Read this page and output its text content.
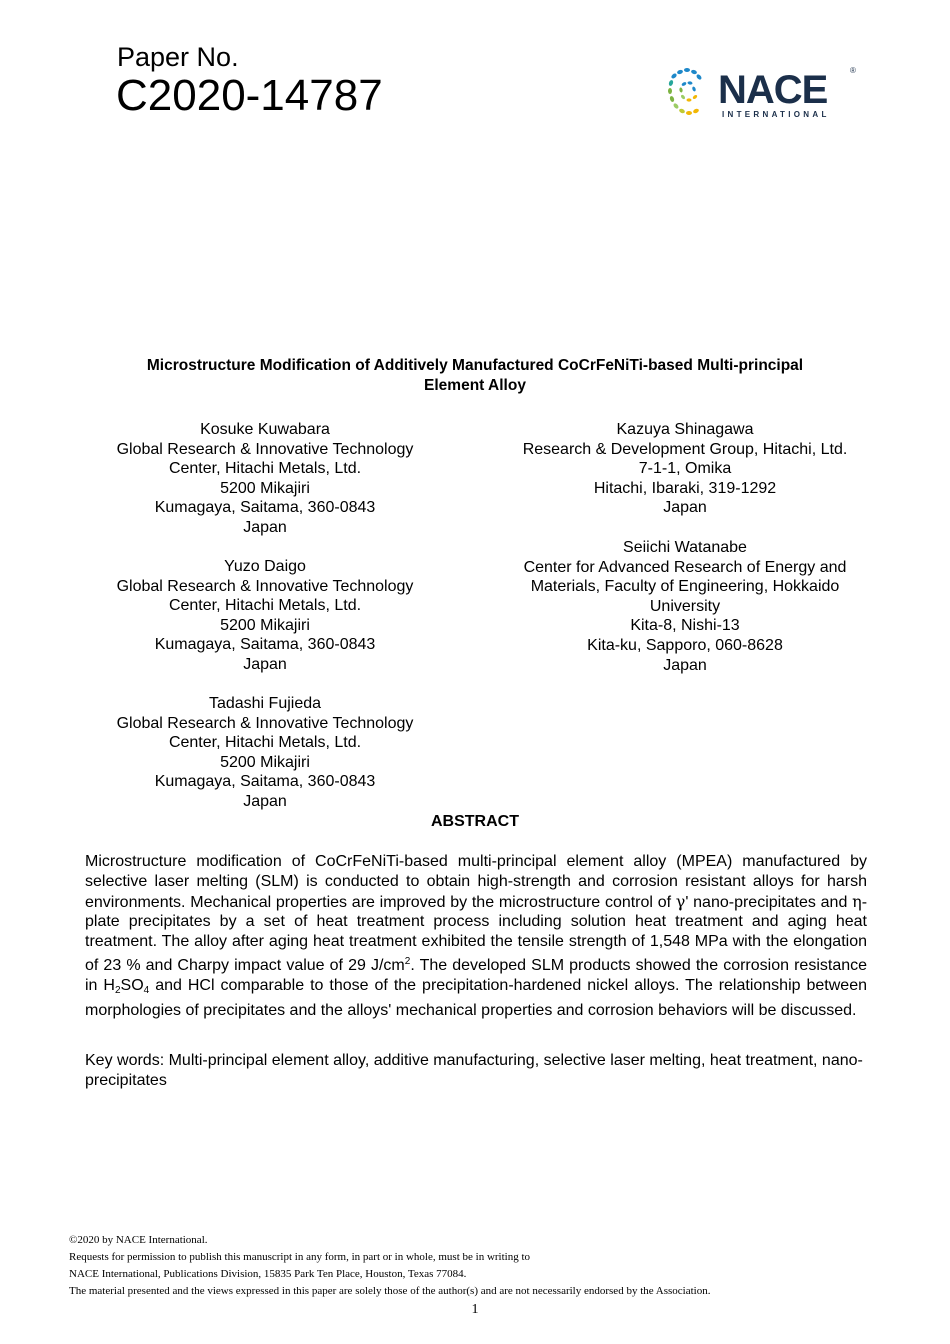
Paper No.
C2020-14787	NACE	®
INTERNATIONAL
Microstructure Modification of Additively Manufactured CoCrFeNiTi-based Multi-principal
Element Alloy
Kosuke Kuwabara
Global Research & Innovative Technology
Center, Hitachi Metals, Ltd.
5200 Mikajiri
Kumagaya, Saitama, 360-0843
Japan
Yuzo Daigo
Global Research & Innovative Technology
Center, Hitachi Metals, Ltd.
5200 Mikajiri
Kumagaya, Saitama, 360-0843
Japan
Tadashi Fujieda
Global Research & Innovative Technology
Center, Hitachi Metals, Ltd.
5200 Mikajiri
Kumagaya, Saitama, 360-0843
Japan
Kazuya Shinagawa
Research & Development Group, Hitachi, Ltd.
7-1-1, Omika
Hitachi, Ibaraki, 319-1292
Japan
Seiichi Watanabe
Center for Advanced Research of Energy and
Materials, Faculty of Engineering, Hokkaido
University
Kita-8, Nishi-13
Kita-ku, Sapporo, 060-8628
Japan
ABSTRACT

Microstructure modification of CoCrFeNiTi-based multi-principal element alloy (MPEA) manufactured by selective laser melting (SLM) is conducted to obtain high-strength and corrosion resistant alloys for harsh environments. Mechanical properties are improved by the microstructure control of γ' nano-precipitates and η-plate precipitates by a set of heat treatment process including solution heat treatment and aging heat treatment. The alloy after aging heat treatment exhibited the tensile strength of 1,548 MPa with the elongation of 23 % and Charpy impact value of 29 $J/cm^2$. The developed SLM products showed the corrosion resistance in $H_2SO_4$ and HCl comparable to those of the precipitation-hardened nickel alloys. The relationship between morphologies of precipitates and the alloys' mechanical properties and corrosion behaviors will be discussed.

Key words: Multi-principal element alloy, additive manufacturing, selective laser melting, heat treatment, nano-precipitates

©2020 by NACE International.
Requests for permission to publish this manuscript in any form, in part or in whole, must be in writing to
NACE International, Publications Division, 15835 Park Ten Place, Houston, Texas 77084.
The material presented and the views expressed in this paper are solely those of the author(s) and are not necessarily endorsed by the Association.
1
